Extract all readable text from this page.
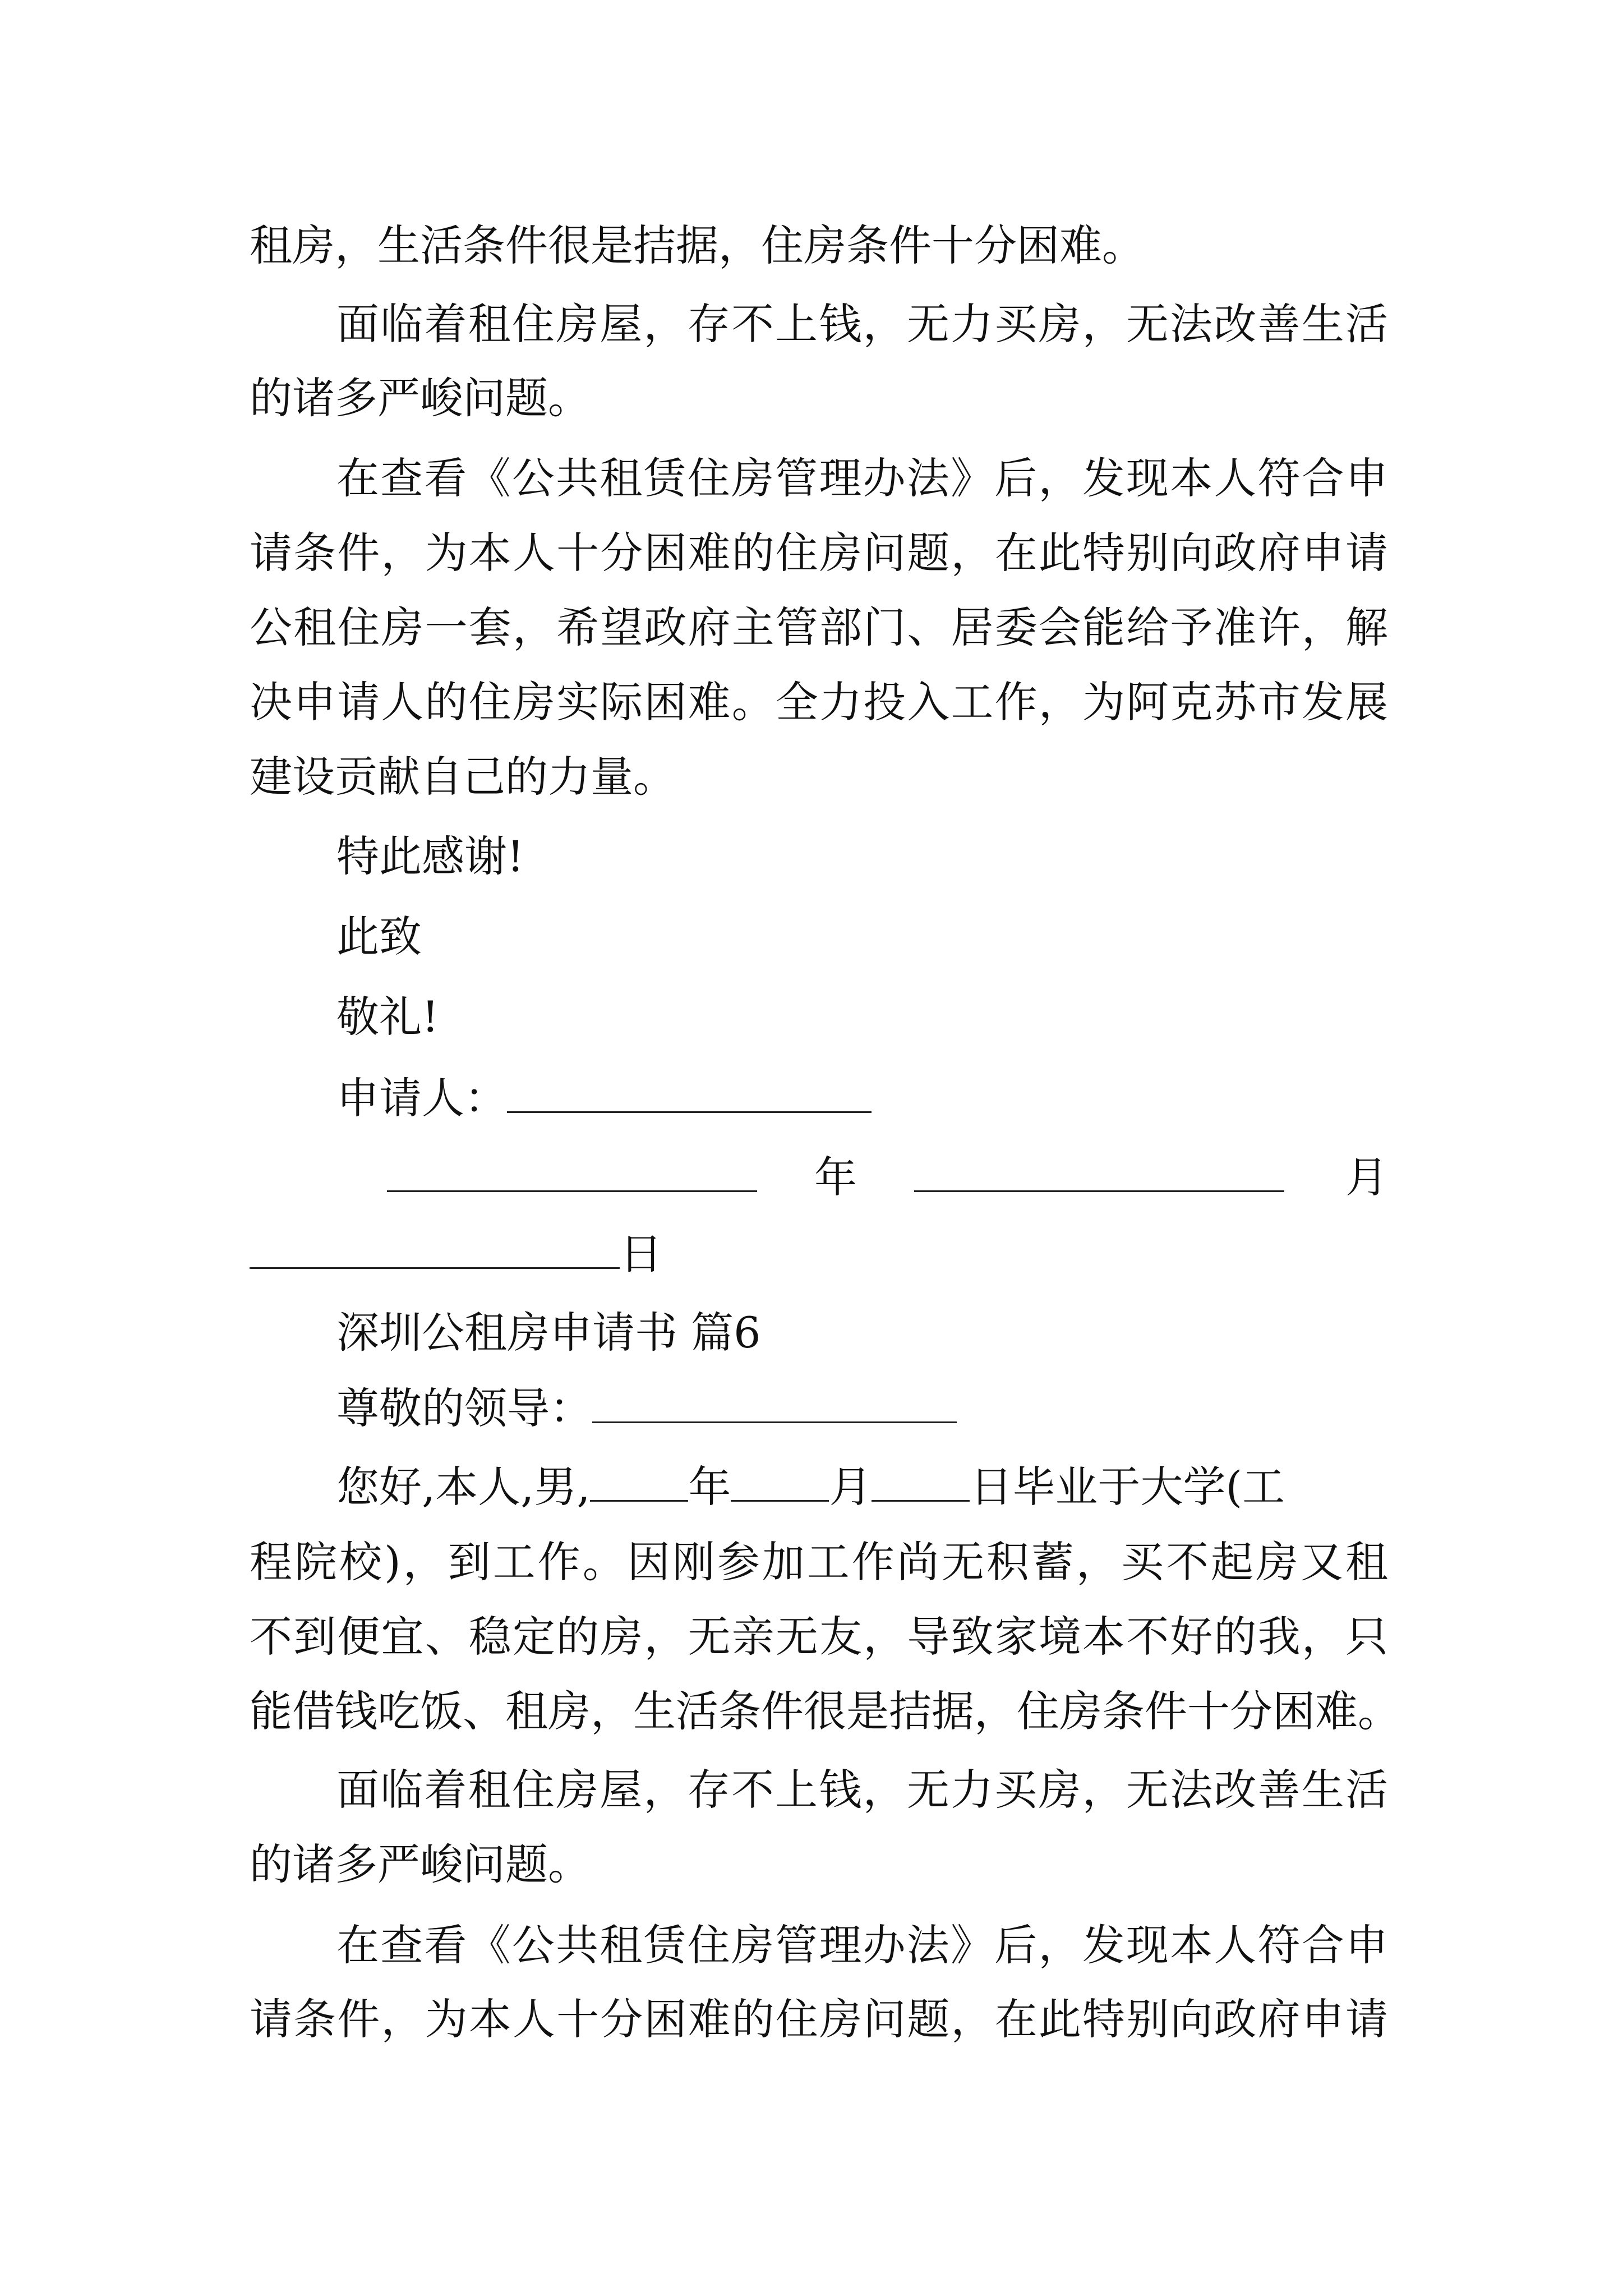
租房，生活条件很是拮据，住房条件十分困难。
面临着租住房屋，存不上钱，无力买房，无法改善生活
的诸多严峻问题。
在查看《公共租赁住房管理办法》后，发现本人符合申
请条件，为本人十分困难的住房问题，在此特别向政府申请
公租住房一套，希望政府主管部门、居委会能给予准许，解
决申请人的住房实际困难。全力投入工作，为阿克苏市发展
建设贡献自己的力量。
特此感谢!
此致
敬礼!
申请人：
年	月
日
深圳公租房申请书 篇6
尊敬的领导：
您好,本人,男, 年 月 日毕业于大学(工
程院校)，到工作。因刚参加工作尚无积蓄，买不起房又租
不到便宜、稳定的房，无亲无友，导致家境本不好的我，只
能借钱吃饭、租房，生活条件很是拮据，住房条件十分困难。
面临着租住房屋，存不上钱，无力买房，无法改善生活
的诸多严峻问题。
在查看《公共租赁住房管理办法》后，发现本人符合申
请条件，为本人十分困难的住房问题，在此特别向政府申请
